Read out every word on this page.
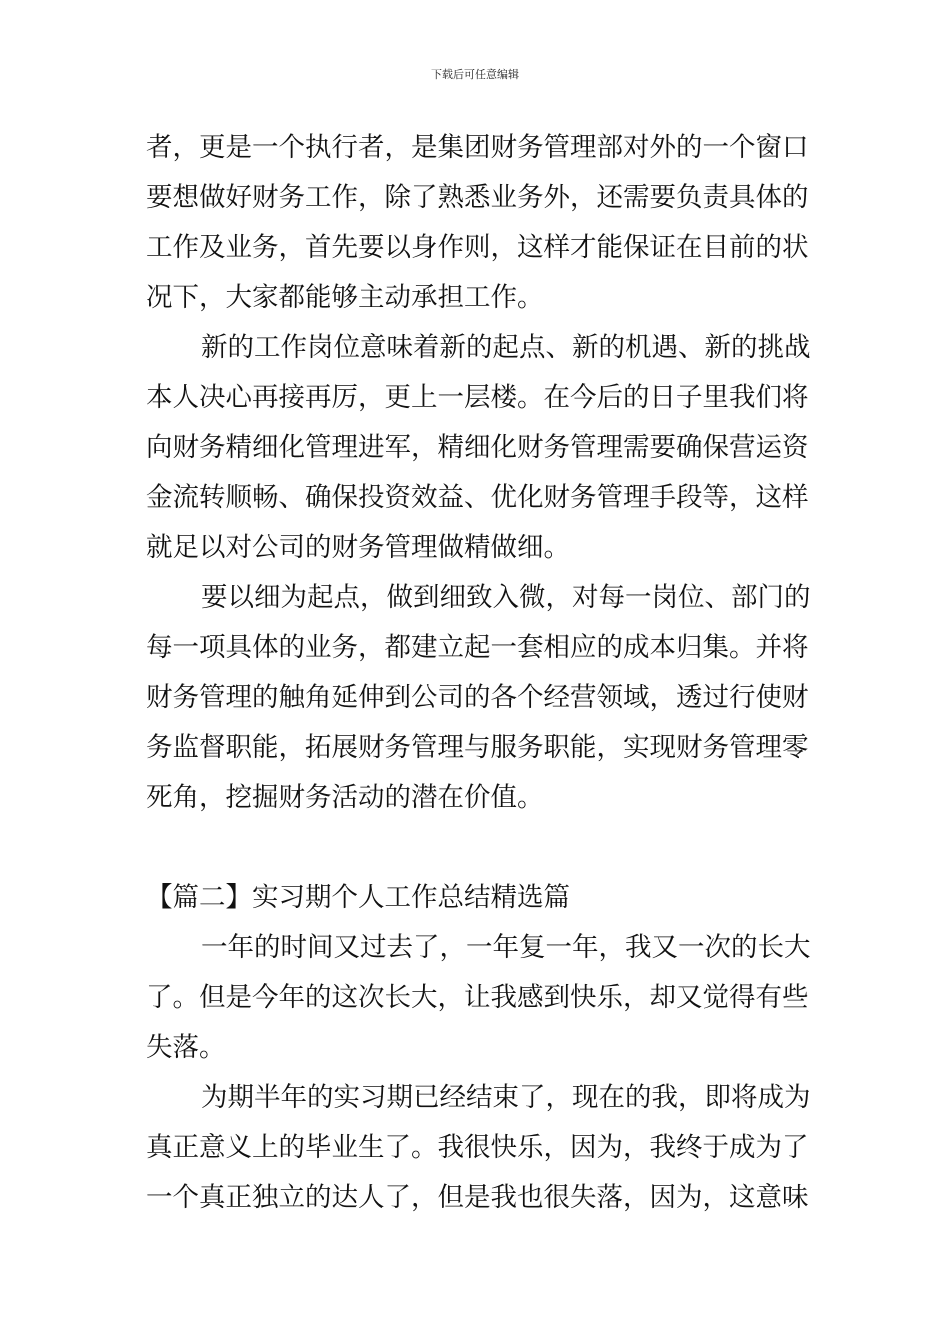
下载后可任意编辑
者，更是一个执行者，是集团财务管理部对外的一个窗口
要想做好财务工作，除了熟悉业务外，还需要负责具体的
工作及业务，首先要以身作则，这样才能保证在目前的状
况下，大家都能够主动承担工作。
新的工作岗位意味着新的起点、新的机遇、新的挑战
本人决心再接再厉，更上一层楼。在今后的日子里我们将
向财务精细化管理进军，精细化财务管理需要确保营运资
金流转顺畅、确保投资效益、优化财务管理手段等，这样
就足以对公司的财务管理做精做细。
要以细为起点，做到细致入微，对每一岗位、部门的
每一项具体的业务，都建立起一套相应的成本归集。并将
财务管理的触角延伸到公司的各个经营领域，透过行使财
务监督职能，拓展财务管理与服务职能，实现财务管理零
死角，挖掘财务活动的潜在价值。
【篇二】实习期个人工作总结精选篇
一年的时间又过去了，一年复一年，我又一次的长大
了。但是今年的这次长大，让我感到快乐，却又觉得有些
失落。
为期半年的实习期已经结束了，现在的我，即将成为
真正意义上的毕业生了。我很快乐，因为，我终于成为了
一个真正独立的达人了，但是我也很失落，因为，这意味
